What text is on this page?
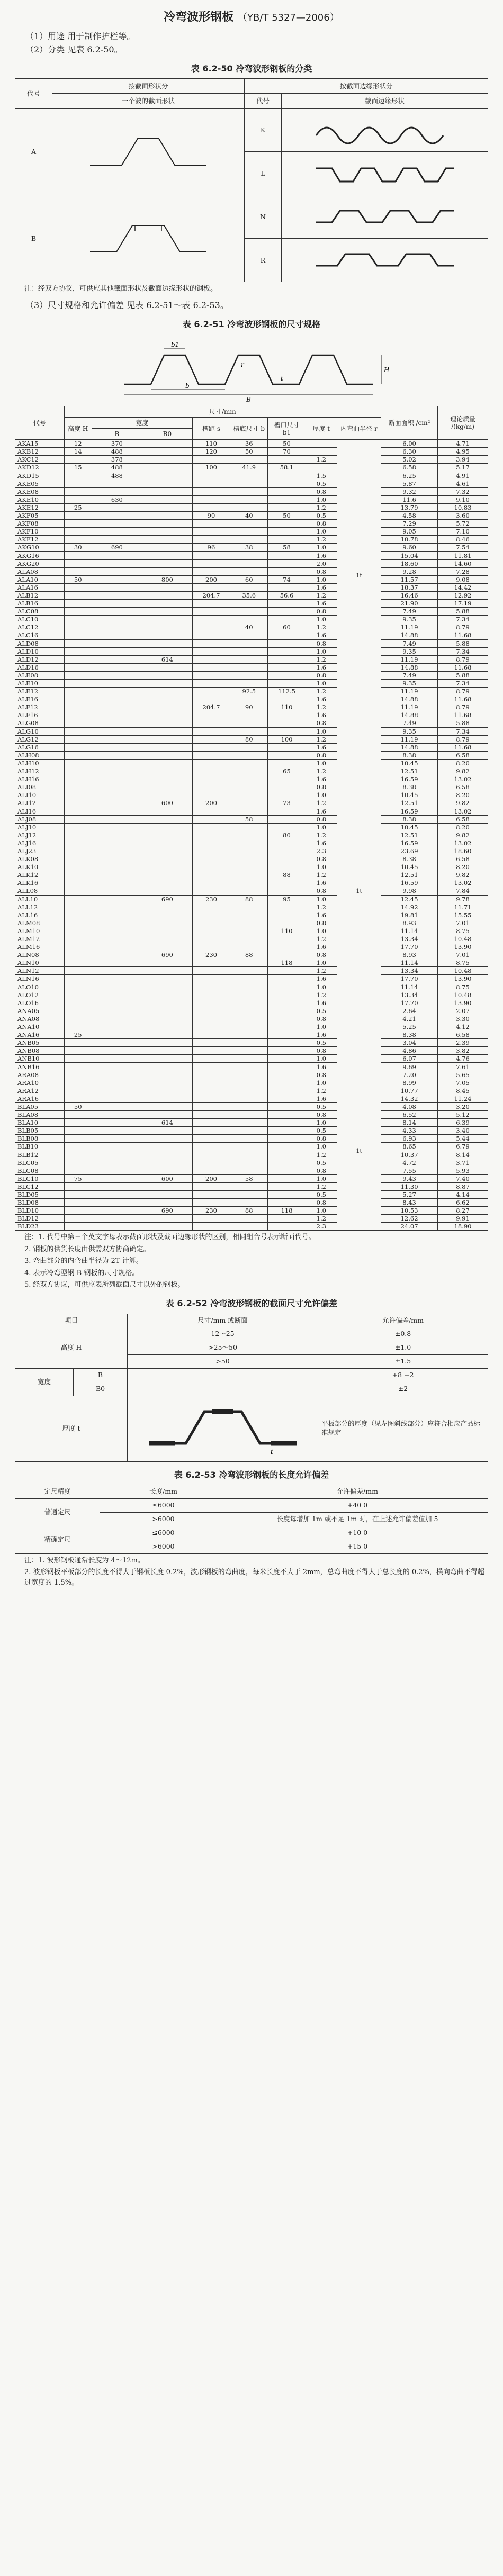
冷弯波形钢板 （YB/T 5327—2006）
（1）用途 用于制作护栏等。
（2）分类 见表 6.2-50。
表 6.2-50 冷弯波形钢板的分类
代号	按截面形状分	按截面边缘形状分	
	一个波的截面形状	代号	截面边缘形状
A		K	

		L	

B		N	

		R	
注：经双方协议，可供应其他截面形状及截面边缘形状的钢板。
（3）尺寸规格和允许偏差 见表 6.2-51～表 6.2-53。
表 6.2-51 冷弯波形钢板的尺寸规格
b1
H
r
t
b
B
代号	尺寸/mm								断面面积 /cm²	理论质量 /(kg/m)
	高度 H	宽度		槽距 s	槽底尺寸 b	槽口尺寸 b1	厚度 t	内弯曲半径 r		
		B	B0							
AKA15	12	370		110	36	50		1t	6.00	4.71
AKB12	14	488		120	50	70			6.30	4.95
AKC12		378					1.2		5.02	3.94
AKD12	15	488		100	41.9	58.1			6.58	5.17
AKD15		488					1.5		6.25	4.91
AKE05							0.5		5.87	4.61
AKE08							0.8		9.32	7.32
AKE10		630					1.0		11.6	9.10
AKE12	25						1.2		13.79	10.83
AKF05				90	40	50	0.5		4.58	3.60
AKF08							0.8		7.29	5.72
AKF10							1.0		9.05	7.10
AKF12							1.2		10.78	8.46
AKG10	30	690		96	38	58	1.0		9.60	7.54
AKG16							1.6		15.04	11.81
AKG20							2.0		18.60	14.60
ALA08							0.8		9.28	7.28
ALA10	50		800	200	60	74	1.0		11.57	9.08
ALA16							1.6		18.37	14.42
ALB12				204.7	35.6	56.6	1.2		16.46	12.92
ALB16							1.6		21.90	17.19
ALC08							0.8		7.49	5.88
ALC10							1.0		9.35	7.34
ALC12					40	60	1.2		11.19	8.79
ALC16							1.6		14.88	11.68
ALD08							0.8		7.49	5.88
ALD10							1.0		9.35	7.34
ALD12			614				1.2		11.19	8.79
ALD16							1.6		14.88	11.68
ALE08							0.8		7.49	5.88
ALE10							1.0		9.35	7.34
ALE12					92.5	112.5	1.2		11.19	8.79
ALE16							1.6		14.88	11.68
ALF12				204.7	90	110	1.2		11.19	8.79
ALF16							1.6	1t	14.88	11.68
ALG08							0.8		7.49	5.88
ALG10							1.0		9.35	7.34
ALG12					80	100	1.2		11.19	8.79
ALG16							1.6		14.88	11.68
ALH08							0.8		8.38	6.58
ALH10							1.0		10.45	8.20
ALH12						65	1.2		12.51	9.82
ALH16							1.6		16.59	13.02
ALI08							0.8		8.38	6.58
ALI10							1.0		10.45	8.20
ALI12			600	200		73	1.2		12.51	9.82
ALI16							1.6		16.59	13.02
ALJ08					58		0.8		8.38	6.58
ALJ10							1.0		10.45	8.20
ALJ12						80	1.2		12.51	9.82
ALJ16							1.6		16.59	13.02
ALJ23							2.3		23.69	18.60
ALK08							0.8		8.38	6.58
ALK10							1.0		10.45	8.20
ALK12						88	1.2		12.51	9.82
ALK16							1.6		16.59	13.02
ALL08							0.8		9.98	7.84
ALL10			690	230	88	95	1.0		12.45	9.78
ALL12							1.2		14.92	11.71
ALL16							1.6		19.81	15.55
ALM08							0.8		8.93	7.01
ALM10						110	1.0		11.14	8.75
ALM12							1.2		13.34	10.48
ALM16							1.6		17.70	13.90
ALN08			690	230	88		0.8		8.93	7.01
ALN10						118	1.0		11.14	8.75
ALN12							1.2		13.34	10.48
ALN16							1.6		17.70	13.90
ALO10							1.0		11.14	8.75
ALO12							1.2		13.34	10.48
ALO16							1.6		17.70	13.90
ANA05							0.5		2.64	2.07
ANA08							0.8		4.21	3.30
ANA10							1.0		5.25	4.12
ANA16	25						1.6		8.38	6.58
ANB05							0.5		3.04	2.39
ANB08							0.8		4.86	3.82
ANB10							1.0		6.07	4.76
ANB16							1.6		9.69	7.61
ARA08							0.8	1t	7.20	5.65
ARA10							1.0		8.99	7.05
ARA12							1.2		10.77	8.45
ARA16							1.6		14.32	11.24
BLA05	50						0.5		4.08	3.20
BLA08							0.8		6.52	5.12
BLA10			614				1.0		8.14	6.39
BLB05							0.5		4.33	3.40
BLB08							0.8		6.93	5.44
BLB10							1.0		8.65	6.79
BLB12							1.2		10.37	8.14
BLC05							0.5		4.72	3.71
BLC08							0.8		7.55	5.93
BLC10	75		600	200	58		1.0		9.43	7.40
BLC12							1.2		11.30	8.87
BLD05							0.5		5.27	4.14
BLD08							0.8		8.43	6.62
BLD10			690	230	88	118	1.0		10.53	8.27
BLD12							1.2		12.62	9.91
BLD23							2.3		24.07	18.90
注：1. 代号中第三个英文字母表示截面形状及截面边缘形状的区别，相同组合号表示断面代号。
2. 钢板的供货长度由供需双方协商确定。
3. 弯曲部分的内弯曲半径为 2T 计算。
4. 表示冷弯型钢 B 钢板的尺寸规格。
5. 经双方协议，可供应表所列截面尺寸以外的钢板。
表 6.2-52 冷弯波形钢板的截面尺寸允许偏差
项目		尺寸/mm 或断面	允许偏差/mm
高度 H		12～25	±0.8
		>25～50	±1.0
		>50	±1.5
宽度	B		+8 −2
	B0		±2
厚度 t		t	平板部分的厚度（见左图斜线部分）应符合相应产品标准规定
表 6.2-53 冷弯波形钢板的长度允许偏差
定尺精度	长度/mm	允许偏差/mm
普通定尺	≤6000	+40 0
	>6000	长度每增加 1m 或不足 1m 时，在上述允许偏差值加 5
精确定尺	≤6000	+10 0
	>6000	+15 0
注：1. 波形钢板通常长度为 4～12m。
2. 波形钢板平板部分的长度不得大于钢板长度 0.2%，波形钢板的弯曲度，每米长度不大于 2mm，总弯曲度不得大于总长度的 0.2%，横向弯曲不得超过宽度的 1.5%。
